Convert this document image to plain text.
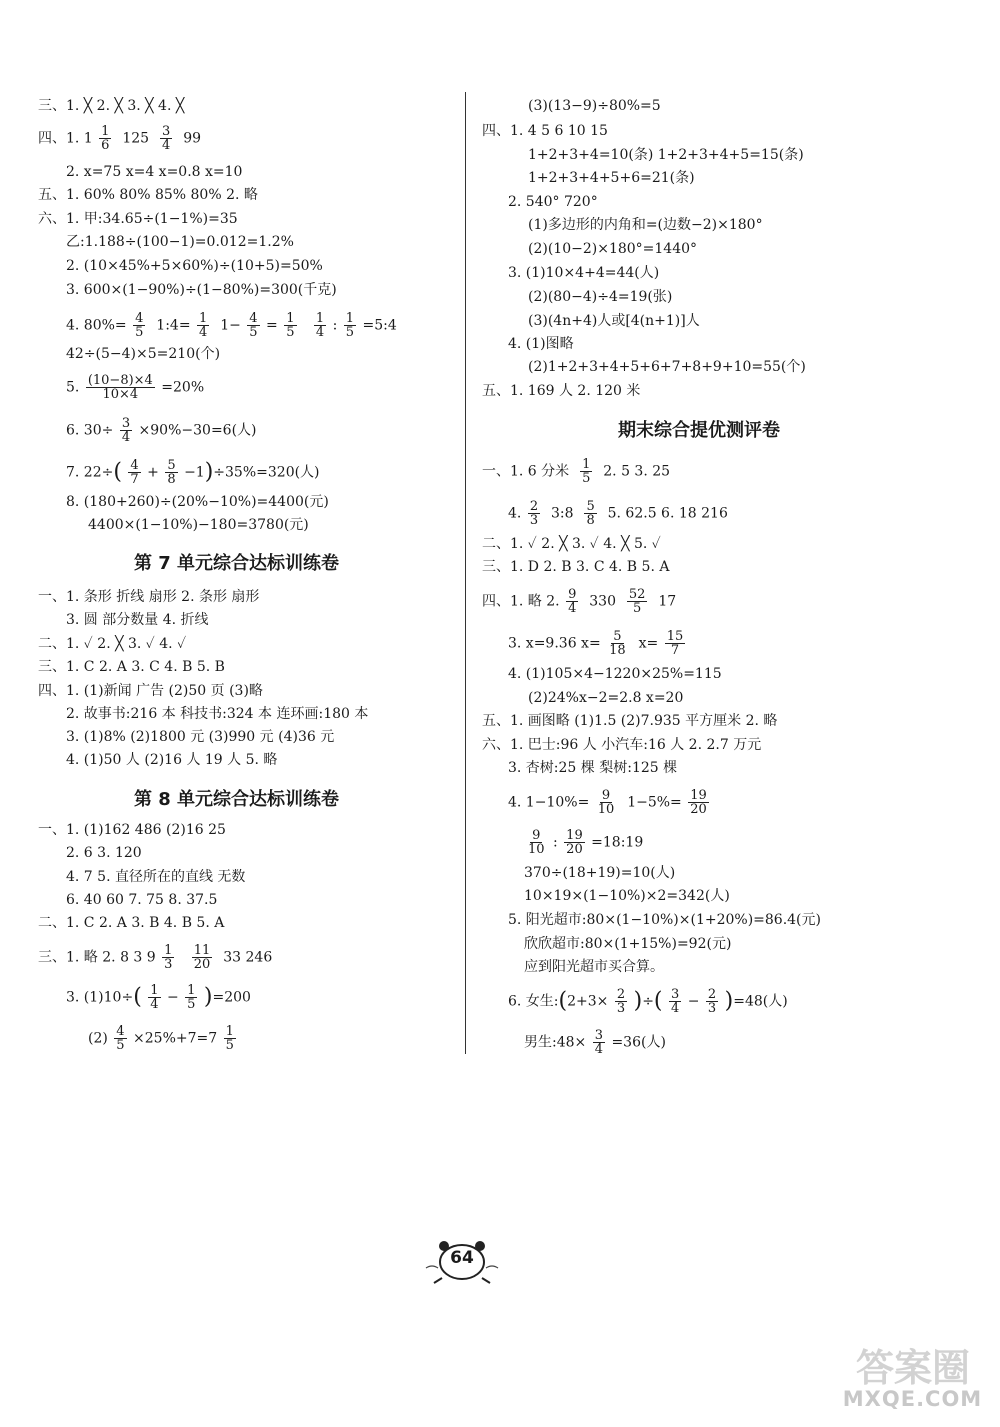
三、1. ╳ 2. ╳ 3. ╳ 4. ╳
四、1. $1 \frac{1}{6} 125 \frac{3}{4} 99$
2. x=75 x=4 x=0.8 x=10
五、1. 60% 80% 85% 80% 2. 略
六、1. 甲:34.65÷(1−1%)=35
乙:1.188÷(100−1)=0.012=1.2%
2. (10×45%+5×60%)÷(10+5)=50%
3. 600×(1−90%)÷(1−80%)=300(千克)
4. $80\%= \frac{4}{5}$ 1:4= $\frac{1}{4} 1- \frac{4}{5} = \frac{1}{5}$
$\frac{1}{4}$ : $\frac{1}{5}$ =5:4
42÷(5−4)×5=210(个)
5. $\frac{(10-8)\times 4}{10\times 4} =20\%$
6. $30\div \frac{3}{4} \times 90\%-30=6$(人)
7. $22\div( \frac{4}{7} + \frac{5}{8} -1)\div 35\%=320$(人)
8. (180+260)÷(20%−10%)=4400(元)
4400×(1−10%)−180=3780(元)
第 7 单元综合达标训练卷
一、1. 条形 折线 扇形 2. 条形 扇形
3. 圆 部分数量 4. 折线
二、1. ✓ 2. ╳ 3. ✓ 4. ✓
三、1. C 2. A 3. C 4. B 5. B
四、1. (1)新闻 广告 (2)50 页 (3)略
2. 故事书:216 本 科技书:324 本 连环画:180 本
3. (1)8% (2)1800 元 (3)990 元 (4)36 元
4. (1)50 人 (2)16 人 19 人 5. 略
第 8 单元综合达标训练卷
一、1. (1)162 486 (2)16 25
2. 6 3. 120
4. 7 5. 直径所在的直线 无数
6. 40 60 7. 75 8. 37.5
二、1. C 2. A 3. B 4. B 5. A
三、1. 略 2. 8 3 $9 \frac{1}{3}$
$\frac{11}{20} 33$ 246
3. $(1)10\div( \frac{1}{4} - \frac{1}{5} )=200$
$(2) \frac{4}{5} \times 25\%+7=7 \frac{1}{5}$
(3)(13−9)÷80%=5
四、1. 4 5 6 10 15
1+2+3+4=10(条) 1+2+3+4+5=15(条)
1+2+3+4+5+6=21(条)
2. 540° 720°
(1)多边形的内角和=(边数−2)×180°
(2)(10−2)×180°=1440°
3. (1)10×4+4=44(人)
(2)(80−4)÷4=19(张)
(3)(4n+4)人或[4(n+1)]人
4. (1)图略
(2)1+2+3+4+5+6+7+8+9+10=55(个)
五、1. 169 人 2. 120 米
期末综合提优测评卷
一、1. 6 分米 $\frac{1}{5} 2$. 5 3. 25
4. $\frac{2}{3}$ 3:8 $\frac{5}{8} 5$. 62.5 6. 18 216
二、1. ✓ 2. ╳ 3. ✓ 4. ╳ 5. ✓
三、1. D 2. B 3. C 4. B 5. A
四、1. 略 2. $\frac{9}{4} 330 \frac{52}{5} 17$
3. x=9.36 $x= \frac{5}{18} x= \frac{15}{7}$
4. (1)105×4−1220×25%=115
(2)24%x−2=2.8 x=20
五、1. 画图略 (1)1.5 (2)7.935 平方厘米 2. 略
六、1. 巴士:96 人 小汽车:16 人 2. 2.7 万元
3. 杏树:25 棵 梨树:125 棵
4. $1-10\%= \frac{9}{10} 1-5\%= \frac{19}{20}$
$\frac{9}{10}$ : $\frac{19}{20}$ =18:19
370÷(18+19)=10(人)
10×19×(1−10%)×2=342(人)
5. 阳光超市:80×(1−10%)×(1+20%)=86.4(元)
欣欣超市:80×(1+15%)=92(元)
应到阳光超市买合算。
6. 女生:(2+3× $\frac{2}{3}$ )÷( $\frac{3}{4} - \frac{2}{3} )=48$(人)
男生:48× $\frac{3}{4} =36$(人)
64
答案圈
MXQE.COM
